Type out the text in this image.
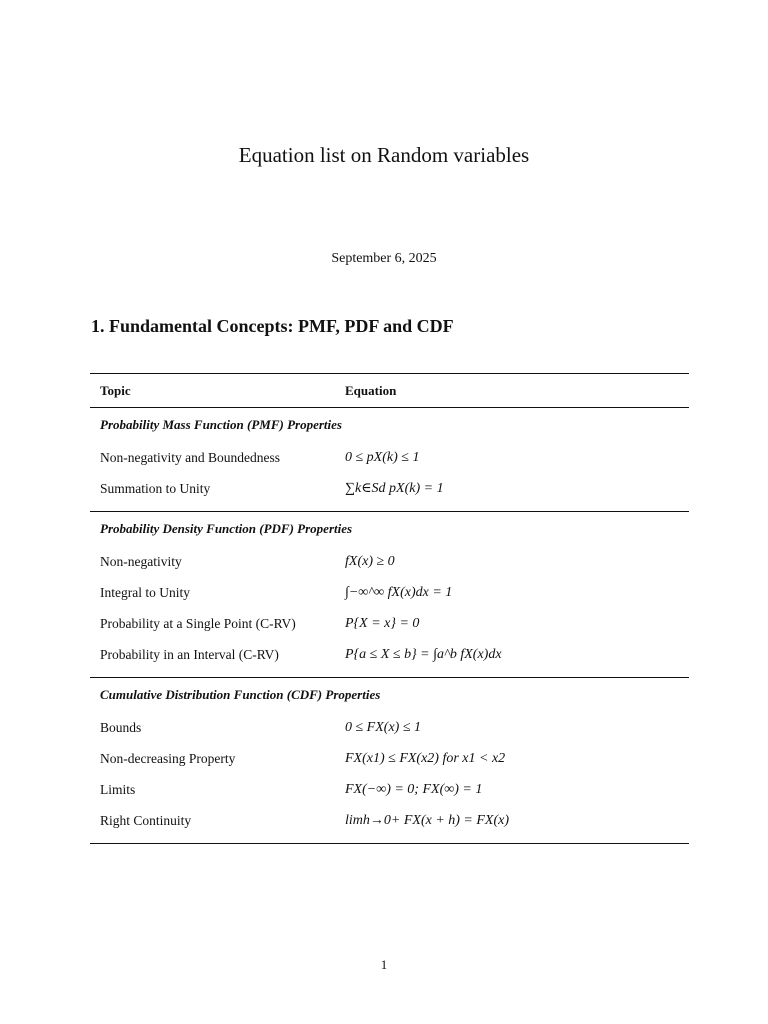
Equation list on Random variables
September 6, 2025
1. Fundamental Concepts: PMF, PDF and CDF
Topic	Equation
Probability Mass Function (PMF) Properties
Non-negativity and Boundedness	0 ≤ pX(k) ≤ 1
Summation to Unity	∑k∈Sd pX(k) = 1
Probability Density Function (PDF) Properties
Non-negativity	fX(x) ≥ 0
Integral to Unity	∫−∞^∞ fX(x)dx = 1
Probability at a Single Point (C-RV)	P{X = x} = 0
Probability in an Interval (C-RV)	P{a ≤ X ≤ b} = ∫a^b fX(x)dx
Cumulative Distribution Function (CDF) Properties
Bounds	0 ≤ FX(x) ≤ 1
Non-decreasing Property	FX(x1) ≤ FX(x2) for x1 < x2
Limits	FX(−∞) = 0; FX(∞) = 1
Right Continuity	limh→0+ FX(x + h) = FX(x)
1
